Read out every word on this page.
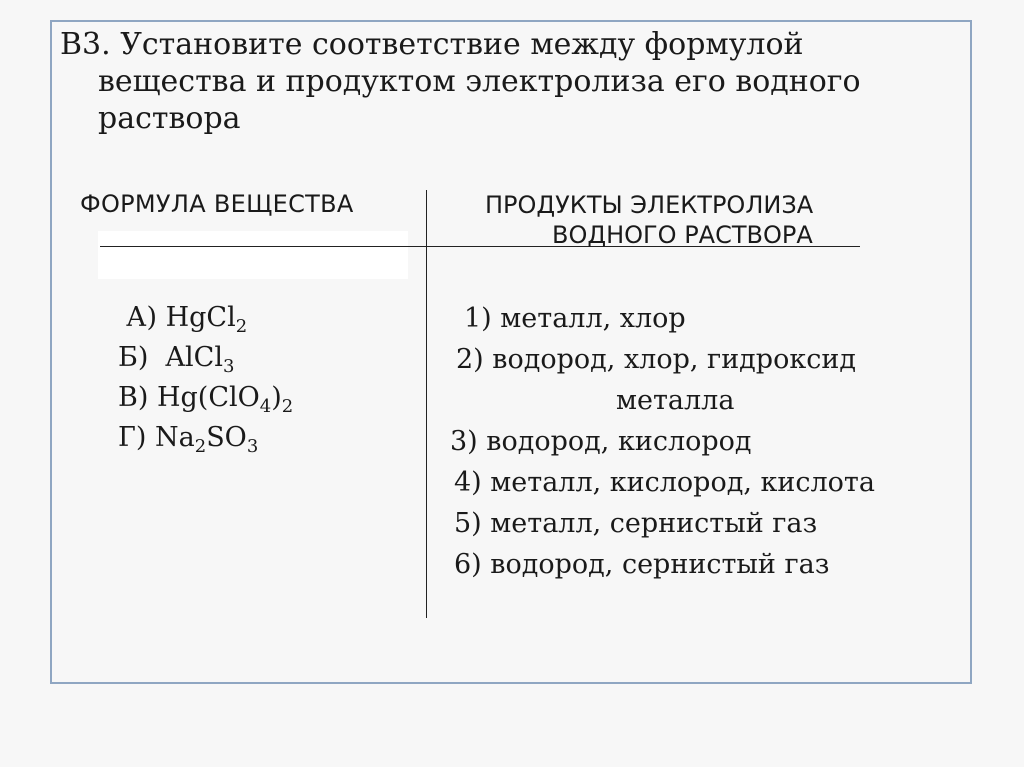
В3. Установите соответствие между формулой
вещества и продуктом электролиза его водного
раствора
ФОРМУЛА ВЕЩЕСТВА	ПРОДУКТЫ ЭЛЕКТРОЛИЗА
ВОДНОГО РАСТВОРА
А) HgCl$_2$
Б)  AlCl$_3$
В) $Hg(ClO_4)_2$
Г) $Na_2SO_3$
1) металл, хлор
2) водород, хлор, гидроксид
металла
3) водород, кислород
4) металл, кислород, кислота
5) металл, сернистый газ
6) водород, сернистый газ
